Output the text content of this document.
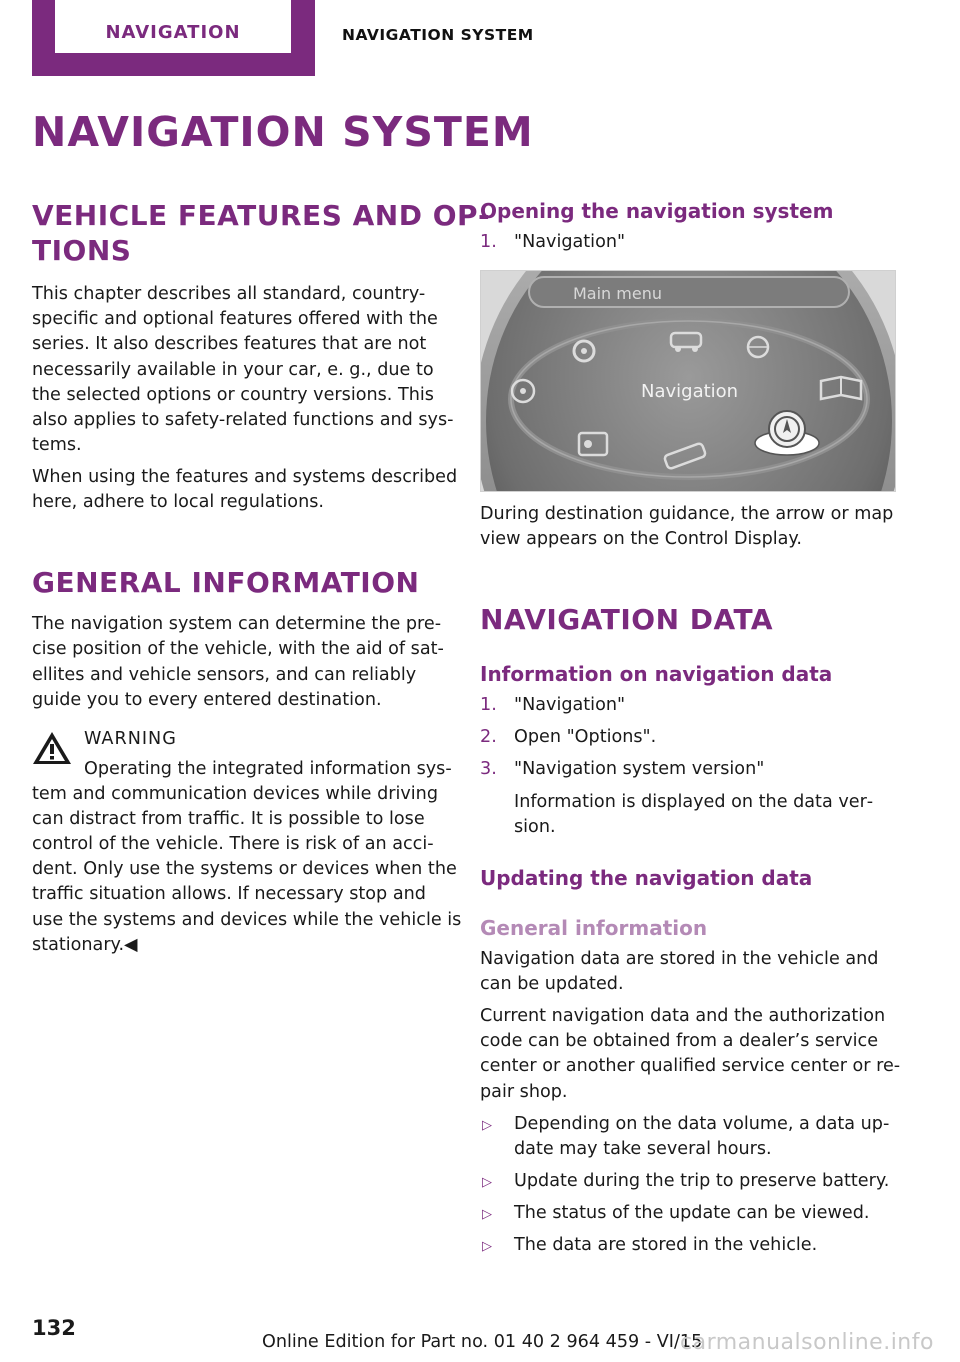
NAVIGATION	NAVIGATION SYSTEM
NAVIGATION SYSTEM
VEHICLE FEATURES AND OP‐
TIONS
This chapter describes all standard, country-
specific and optional features offered with the
series. It also describes features that are not
necessarily available in your car, e. g., due to
the selected options or country versions. This
also applies to safety-related functions and sys‐
tems.
When using the features and systems described
here, adhere to local regulations.
GENERAL INFORMATION
The navigation system can determine the pre‐
cise position of the vehicle, with the aid of sat‐
ellites and vehicle sensors, and can reliably
guide you to every entered destination.
WARNING
Operating the integrated information sys‐
tem and communication devices while driving
can distract from traffic. It is possible to lose
control of the vehicle. There is risk of an acci‐
dent. Only use the systems or devices when the
traffic situation allows. If necessary stop and
use the systems and devices while the vehicle is
stationary.◀
Opening the navigation system
1. "Navigation"
Main menu
Navigation
During destination guidance, the arrow or map
view appears on the Control Display.
NAVIGATION DATA
Information on navigation data
1. "Navigation"
2. Open "Options".
3. "Navigation system version"
Information is displayed on the data ver‐
sion.
Updating the navigation data
General information
Navigation data are stored in the vehicle and
can be updated.
Current navigation data and the authorization
code can be obtained from a dealer’s service
center or another qualified service center or re‐
pair shop.
▷ Depending on the data volume, a data up‐
date may take several hours.
▷ Update during the trip to preserve battery.
▷ The status of the update can be viewed.
▷ The data are stored in the vehicle.
132
Online Edition for Part no. 01 40 2 964 459 - VI/15
carmanualsonline.info
